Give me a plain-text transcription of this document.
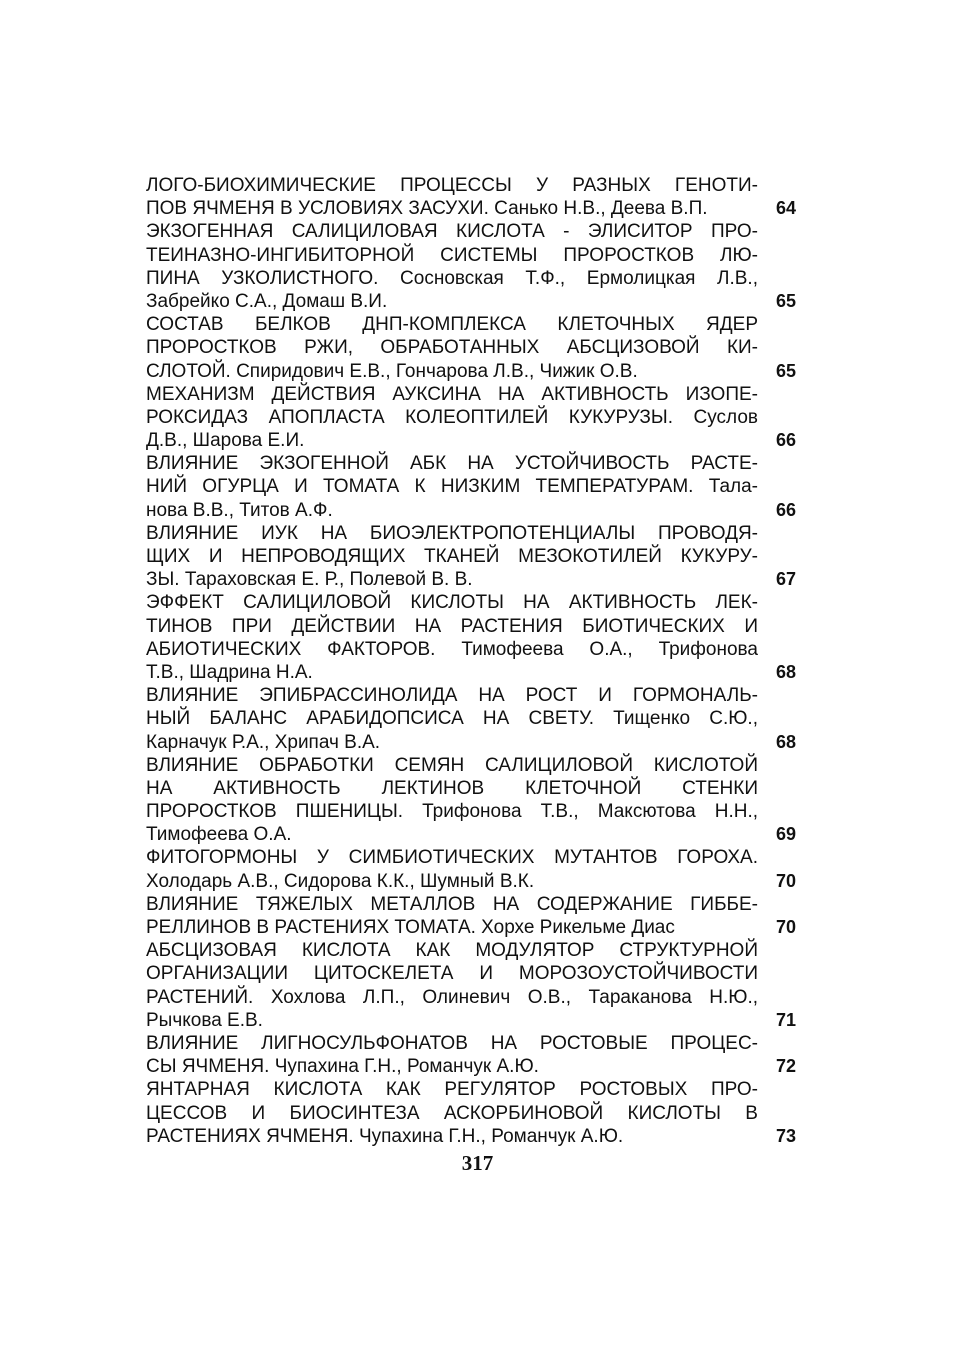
ЛОГО-БИОХИМИЧЕСКИЕ ПРОЦЕССЫ У РАЗНЫХ ГЕНОТИ-
ПОВ ЯЧМЕНЯ В УСЛОВИЯХ ЗАСУХИ. Санько Н.В., Деева В.П.	64
ЭКЗОГЕННАЯ САЛИЦИЛОВАЯ КИСЛОТА - ЭЛИСИТОР ПРО-
ТЕИНАЗНО-ИНГИБИТОРНОЙ СИСТЕМЫ ПРОРОСТКОВ ЛЮ-
ПИНА УЗКОЛИСТНОГО. Сосновская Т.Ф., Ермолицкая Л.В.,
Забрейко С.А., Домаш В.И.	65
СОСТАВ БЕЛКОВ ДНП-КОМПЛЕКСА КЛЕТОЧНЫХ ЯДЕР
ПРОРОСТКОВ РЖИ, ОБРАБОТАННЫХ АБСЦИЗОВОЙ КИ-
СЛОТОЙ. Спиридович Е.В., Гончарова Л.В., Чижик О.В.	65
МЕХАНИЗМ ДЕЙСТВИЯ АУКСИНА НА АКТИВНОСТЬ ИЗОПЕ-
РОКСИДАЗ АПОПЛАСТА КОЛЕОПТИЛЕЙ КУКУРУЗЫ. Суслов
Д.В., Шарова Е.И.	66
ВЛИЯНИЕ ЭКЗОГЕННОЙ АБК НА УСТОЙЧИВОСТЬ РАСТЕ-
НИЙ ОГУРЦА И ТОМАТА К НИЗКИМ ТЕМПЕРАТУРАМ. Тала-
нова В.В., Титов А.Ф.	66
ВЛИЯНИЕ ИУК НА БИОЭЛЕКТРОПОТЕНЦИАЛЫ ПРОВОДЯ-
ЩИХ И НЕПРОВОДЯЩИХ ТКАНЕЙ МЕЗОКОТИЛЕЙ КУКУРУ-
ЗЫ. Тараховская Е. Р., Полевой В. В.	67
ЭФФЕКТ САЛИЦИЛОВОЙ КИСЛОТЫ НА АКТИВНОСТЬ ЛЕК-
ТИНОВ ПРИ ДЕЙСТВИИ НА РАСТЕНИЯ БИОТИЧЕСКИХ И
АБИОТИЧЕСКИХ ФАКТОРОВ. Тимофеева О.А., Трифонова
Т.В., Шадрина Н.А.	68
ВЛИЯНИЕ ЭПИБРАССИНОЛИДА НА РОСТ И ГОРМОНАЛЬ-
НЫЙ БАЛАНС АРАБИДОПСИСА НА СВЕТУ. Тищенко С.Ю.,
Карначук Р.А., Хрипач В.А.	68
ВЛИЯНИЕ ОБРАБОТКИ СЕМЯН САЛИЦИЛОВОЙ КИСЛОТОЙ
НА АКТИВНОСТЬ ЛЕКТИНОВ КЛЕТОЧНОЙ СТЕНКИ
ПРОРОСТКОВ ПШЕНИЦЫ. Трифонова Т.В., Максютова Н.Н.,
Тимофеева О.А.	69
ФИТОГОРМОНЫ У СИМБИОТИЧЕСКИХ МУТАНТОВ ГОРОХА.
Холодарь А.В., Сидорова К.К., Шумный В.К.	70
ВЛИЯНИЕ ТЯЖЕЛЫХ МЕТАЛЛОВ НА СОДЕРЖАНИЕ ГИББЕ-
РЕЛЛИНОВ В РАСТЕНИЯХ ТОМАТА. Хорхе Рикельме Диас	70
АБСЦИЗОВАЯ КИСЛОТА КАК МОДУЛЯТОР СТРУКТУРНОЙ
ОРГАНИЗАЦИИ ЦИТОСКЕЛЕТА И МОРОЗОУСТОЙЧИВОСТИ
РАСТЕНИЙ. Хохлова Л.П., Олиневич О.В., Тараканова Н.Ю.,
Рычкова Е.В.	71
ВЛИЯНИЕ ЛИГНОСУЛЬФОНАТОВ НА РОСТОВЫЕ ПРОЦЕС-
СЫ ЯЧМЕНЯ. Чупахина Г.Н., Романчук А.Ю.	72
ЯНТАРНАЯ КИСЛОТА КАК РЕГУЛЯТОР РОСТОВЫХ ПРО-
ЦЕССОВ И БИОСИНТЕЗА АСКОРБИНОВОЙ КИСЛОТЫ В
РАСТЕНИЯХ ЯЧМЕНЯ. Чупахина Г.Н., Романчук А.Ю.	73
317
